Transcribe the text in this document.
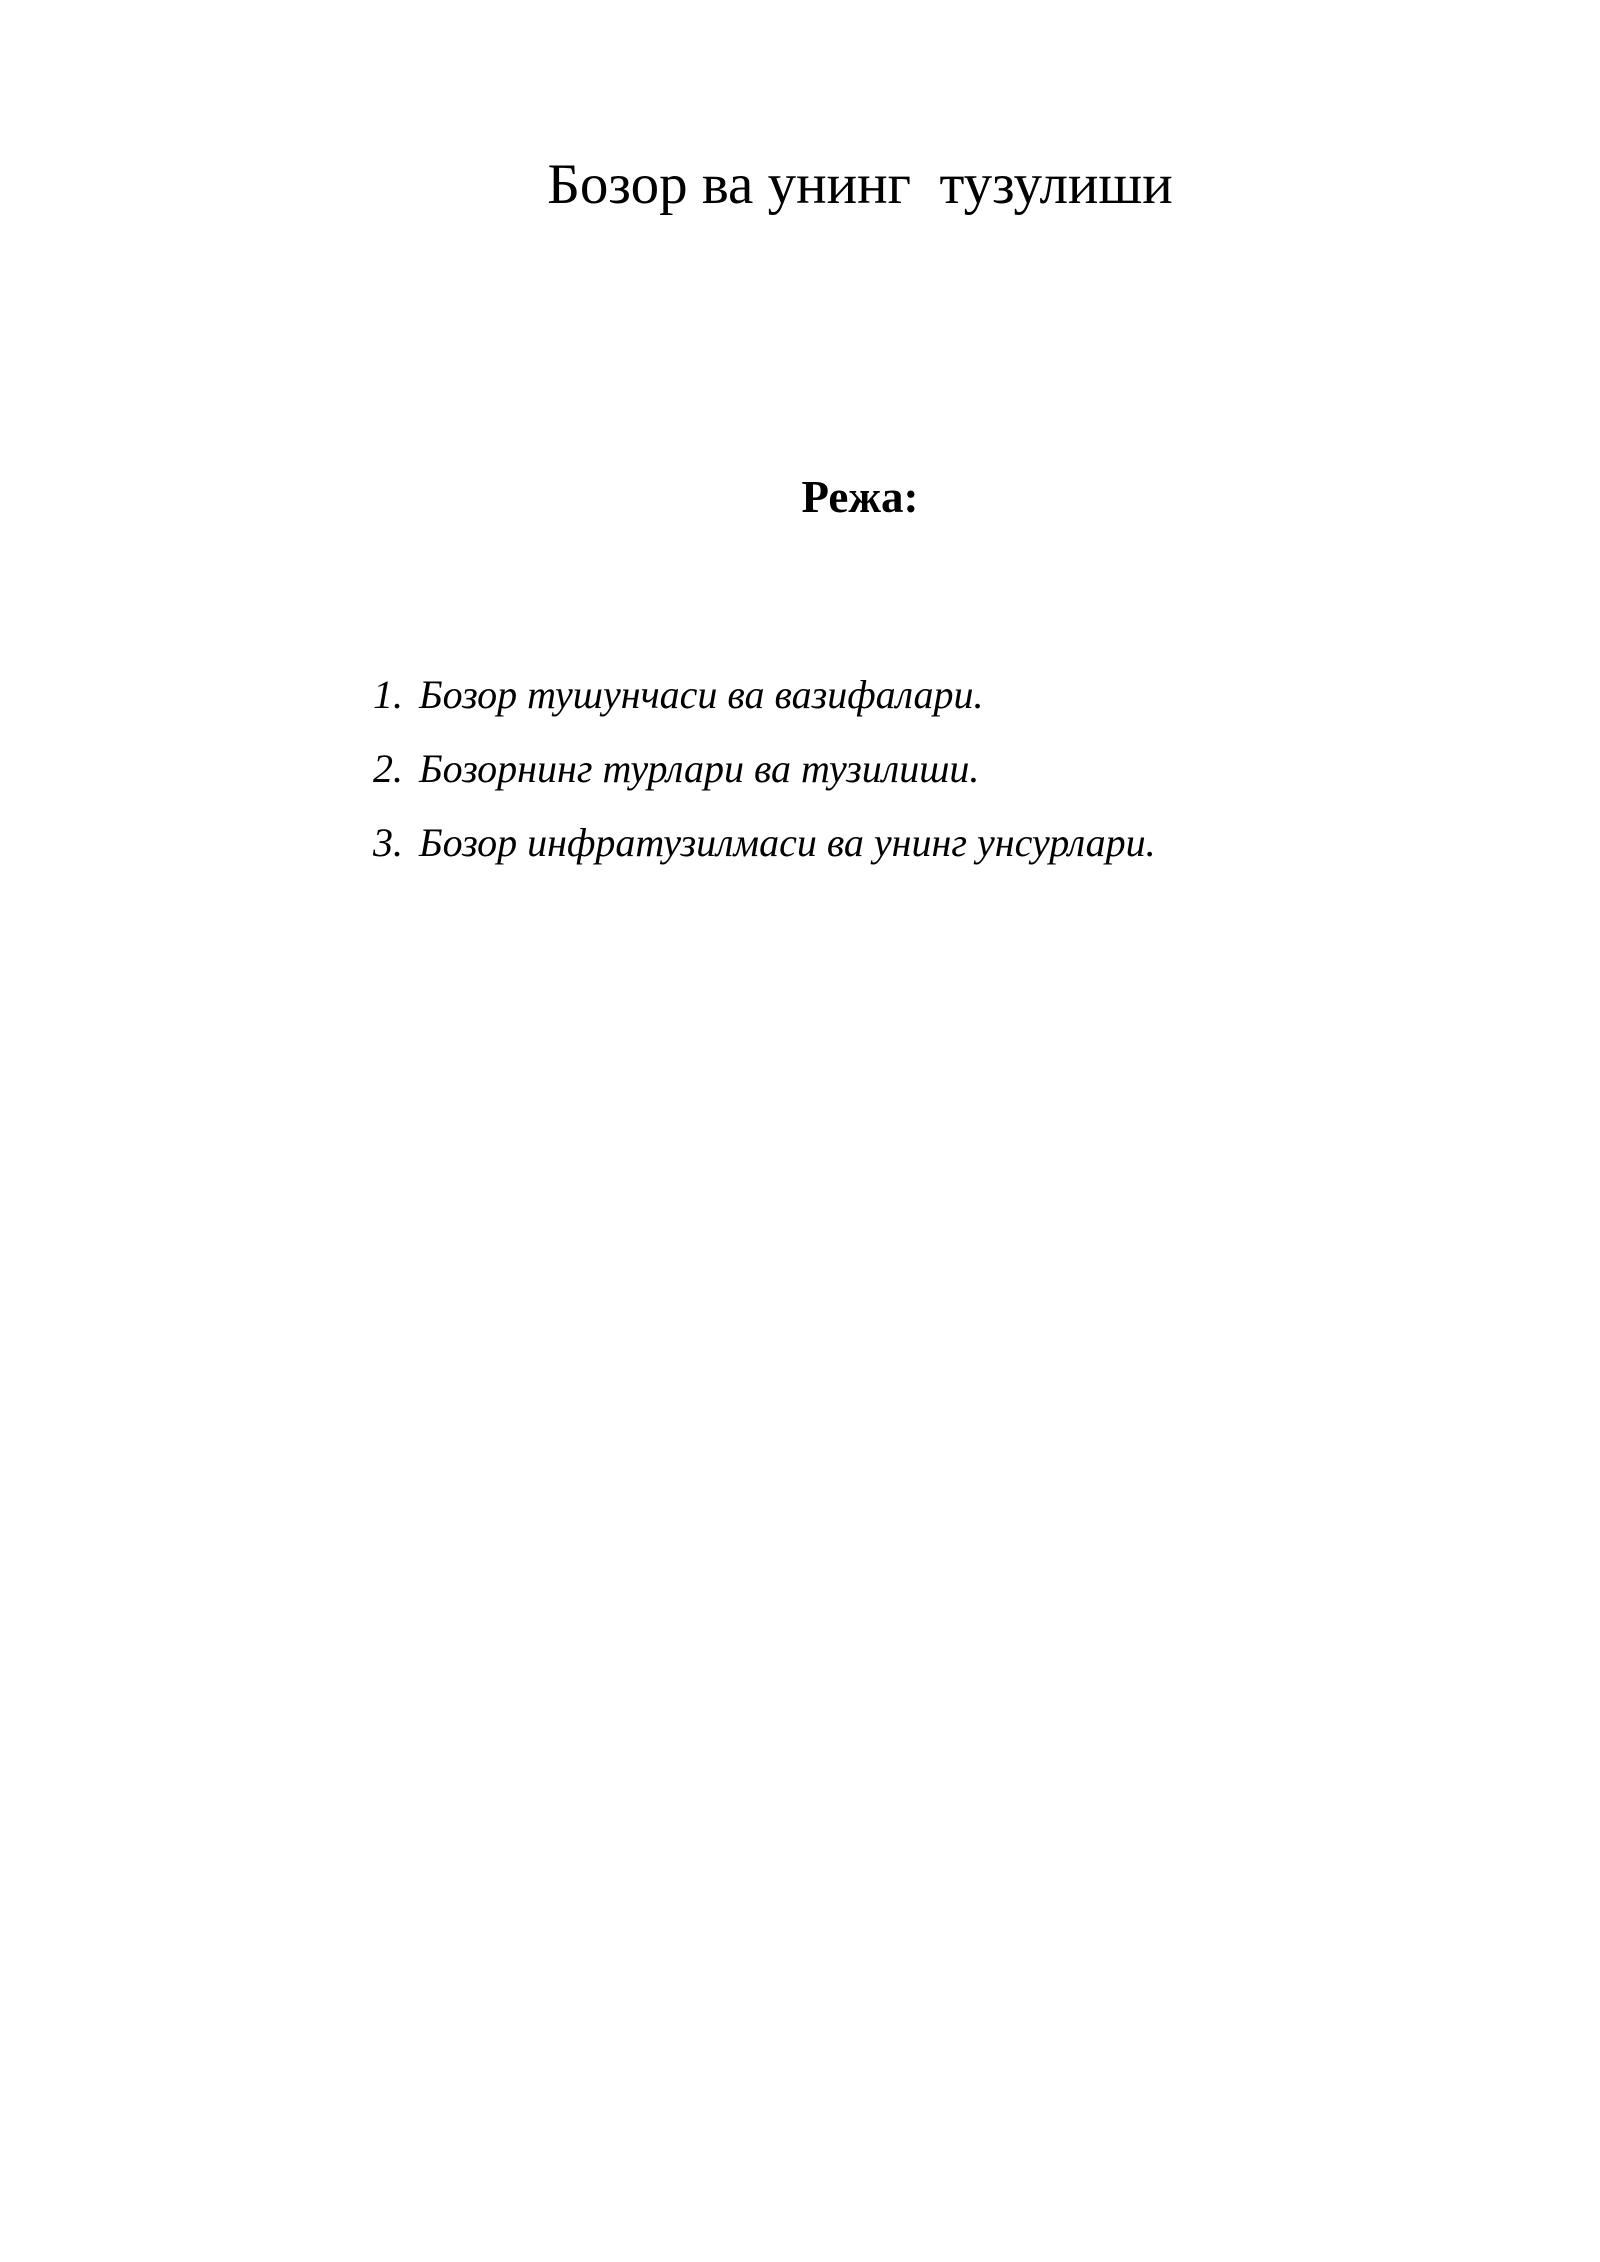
Бозор ва унинг  тузулиши
Режа:
1. Бозор тушунчаси ва вазифалари.
2. Бозорнинг турлари ва тузилиши.
3. Бозор инфратузилмаси ва унинг унсурлари.
